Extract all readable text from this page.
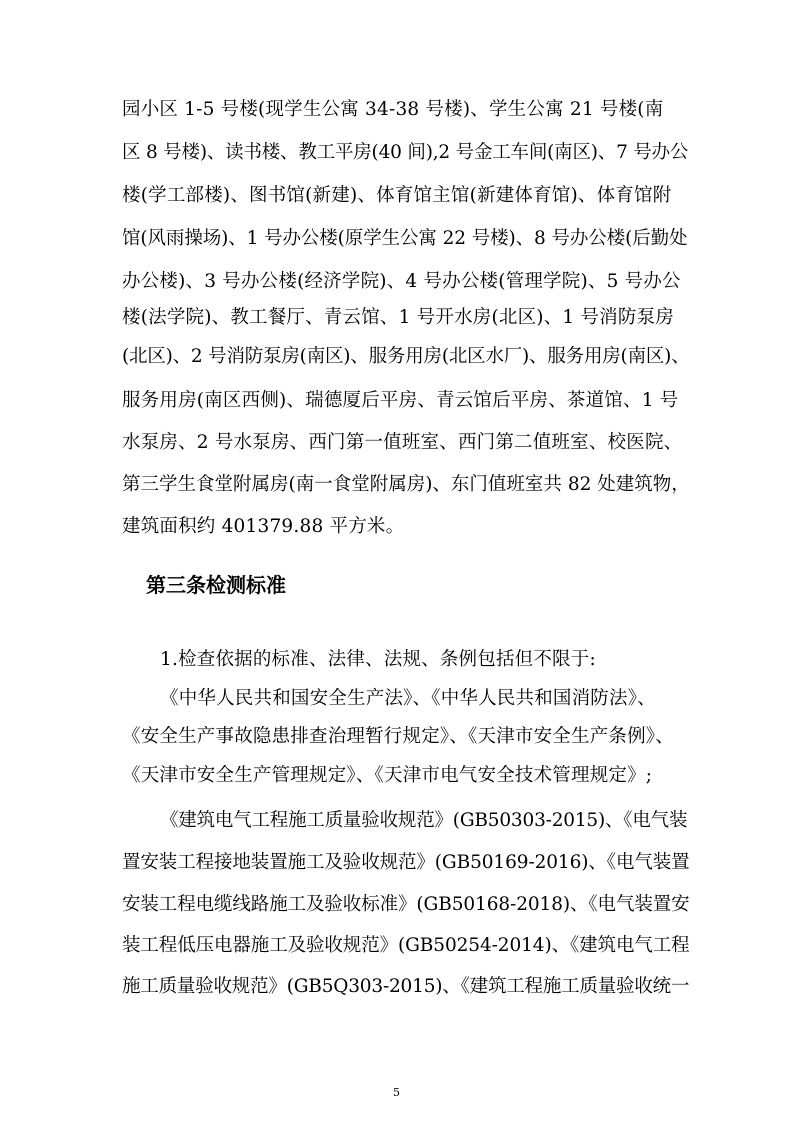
园小区 1-5 号楼(现学生公寓 34-38 号楼)、学生公寓 21 号楼(南
区 8 号楼)、读书楼、教工平房(40 间),2 号金工车间(南区)、7 号办公
楼(学工部楼)、图书馆(新建)、体育馆主馆(新建体育馆)、体育馆附
馆(风雨操场)、1 号办公楼(原学生公寓 22 号楼)、8 号办公楼(后勤处
办公楼)、3 号办公楼(经济学院)、4 号办公楼(管理学院)、5 号办公
楼(法学院)、教工餐厅、青云馆、1 号开水房(北区)、1 号消防泵房
(北区)、2 号消防泵房(南区)、服务用房(北区水厂)、服务用房(南区)、
服务用房(南区西侧)、瑞德厦后平房、青云馆后平房、茶道馆、1 号
水泵房、2 号水泵房、西门第一值班室、西门第二值班室、校医院、
第三学生食堂附属房(南一食堂附属房)、东门值班室共 82 处建筑物，
建筑面积约 401379.88 平方米。
第三条检测标准
1.检查依据的标准、法律、法规、条例包括但不限于:
《中华人民共和国安全生产法》、《中华人民共和国消防法》、
《安全生产事故隐患排查治理暂行规定》、《天津市安全生产条例》、
《天津市安全生产管理规定》、《天津市电气安全技术管理规定》;
《建筑电气工程施工质量验收规范》(GB50303-2015)、《电气装
置安装工程接地装置施工及验收规范》(GB50169-2016)、《电气装置
安装工程电缆线路施工及验收标准》(GB50168-2018)、《电气装置安
装工程低压电器施工及验收规范》(GB50254-2014)、《建筑电气工程
施工质量验收规范》(GB5Q303-2015)、《建筑工程施工质量验收统一
5
